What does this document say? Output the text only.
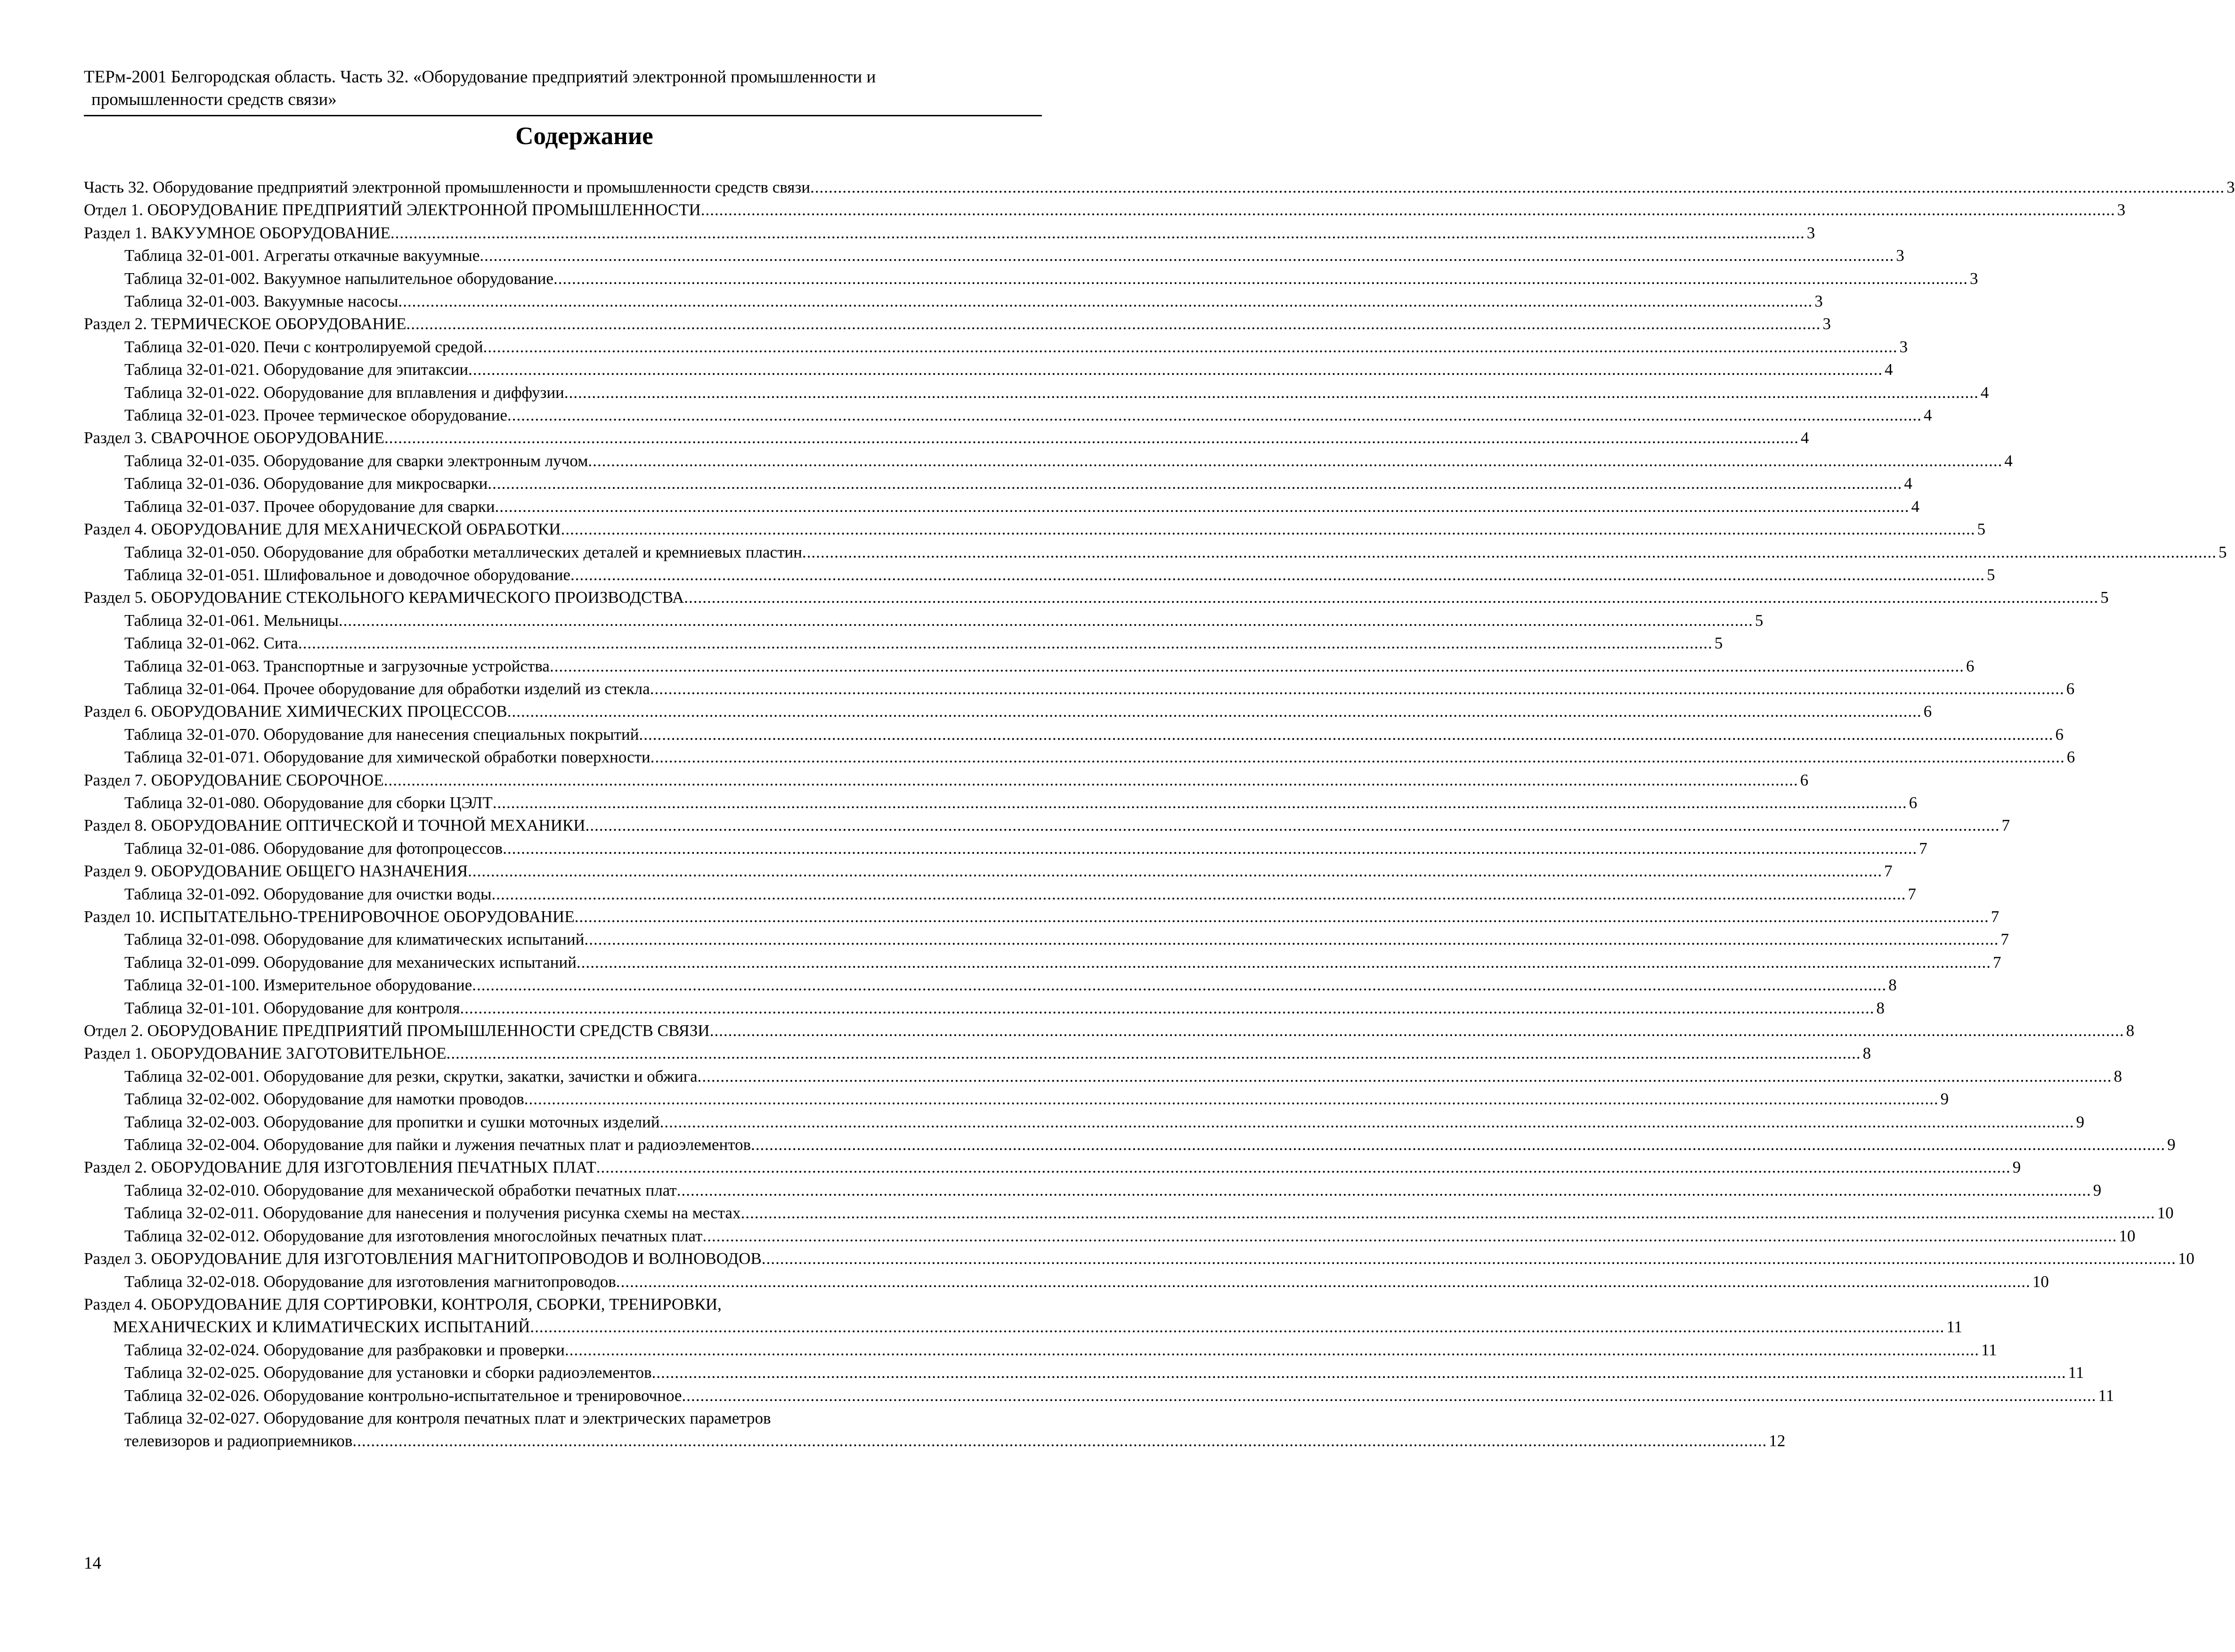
ТЕРм-2001 Белгородская область. Часть 32. «Оборудование предприятий электронной промышленности и
промышленности средств связи»
Содержание
Часть 32. Оборудование предприятий электронной промышленности и промышленности средств связи .................................................................................................................................................................................................................................................................................................................... 3
Отдел 1. ОБОРУДОВАНИЕ ПРЕДПРИЯТИЙ ЭЛЕКТРОННОЙ ПРОМЫШЛЕННОСТИ .................................................................................................................................................................................................................................................................................................................... 3
Раздел 1. ВАКУУМНОЕ ОБОРУДОВАНИЕ .................................................................................................................................................................................................................................................................................................................... 3
Таблица 32-01-001. Агрегаты откачные вакуумные .................................................................................................................................................................................................................................................................................................................... 3
Таблица 32-01-002. Вакуумное напылительное оборудование .................................................................................................................................................................................................................................................................................................................... 3
Таблица 32-01-003. Вакуумные насосы .................................................................................................................................................................................................................................................................................................................... 3
Раздел 2. ТЕРМИЧЕСКОЕ ОБОРУДОВАНИЕ .................................................................................................................................................................................................................................................................................................................... 3
Таблица 32-01-020. Печи с контролируемой средой .................................................................................................................................................................................................................................................................................................................... 3
Таблица 32-01-021. Оборудование для эпитаксии .................................................................................................................................................................................................................................................................................................................... 4
Таблица 32-01-022. Оборудование для вплавления и диффузии .................................................................................................................................................................................................................................................................................................................... 4
Таблица 32-01-023. Прочее термическое оборудование .................................................................................................................................................................................................................................................................................................................... 4
Раздел 3. СВАРОЧНОЕ ОБОРУДОВАНИЕ .................................................................................................................................................................................................................................................................................................................... 4
Таблица 32-01-035. Оборудование для сварки электронным лучом .................................................................................................................................................................................................................................................................................................................... 4
Таблица 32-01-036. Оборудование для микросварки .................................................................................................................................................................................................................................................................................................................... 4
Таблица 32-01-037. Прочее оборудование для сварки .................................................................................................................................................................................................................................................................................................................... 4
Раздел 4. ОБОРУДОВАНИЕ ДЛЯ МЕХАНИЧЕСКОЙ ОБРАБОТКИ .................................................................................................................................................................................................................................................................................................................... 5
Таблица 32-01-050. Оборудование для обработки металлических деталей и кремниевых пластин .................................................................................................................................................................................................................................................................................................................... 5
Таблица 32-01-051. Шлифовальное и доводочное оборудование .................................................................................................................................................................................................................................................................................................................... 5
Раздел 5. ОБОРУДОВАНИЕ СТЕКОЛЬНОГО КЕРАМИЧЕСКОГО ПРОИЗВОДСТВА .................................................................................................................................................................................................................................................................................................................... 5
Таблица 32-01-061. Мельницы .................................................................................................................................................................................................................................................................................................................... 5
Таблица 32-01-062. Сита .................................................................................................................................................................................................................................................................................................................... 5
Таблица 32-01-063. Транспортные и загрузочные устройства .................................................................................................................................................................................................................................................................................................................... 6
Таблица 32-01-064. Прочее оборудование для обработки изделий из стекла .................................................................................................................................................................................................................................................................................................................... 6
Раздел 6. ОБОРУДОВАНИЕ ХИМИЧЕСКИХ ПРОЦЕССОВ .................................................................................................................................................................................................................................................................................................................... 6
Таблица 32-01-070. Оборудование для нанесения специальных покрытий .................................................................................................................................................................................................................................................................................................................... 6
Таблица 32-01-071. Оборудование для химической обработки поверхности .................................................................................................................................................................................................................................................................................................................... 6
Раздел 7. ОБОРУДОВАНИЕ СБОРОЧНОЕ .................................................................................................................................................................................................................................................................................................................... 6
Таблица 32-01-080. Оборудование для сборки ЦЭЛТ .................................................................................................................................................................................................................................................................................................................... 6
Раздел 8. ОБОРУДОВАНИЕ ОПТИЧЕСКОЙ И ТОЧНОЙ МЕХАНИКИ .................................................................................................................................................................................................................................................................................................................... 7
Таблица 32-01-086. Оборудование для фотопроцессов .................................................................................................................................................................................................................................................................................................................... 7
Раздел 9. ОБОРУДОВАНИЕ ОБЩЕГО НАЗНАЧЕНИЯ .................................................................................................................................................................................................................................................................................................................... 7
Таблица 32-01-092. Оборудование для очистки воды .................................................................................................................................................................................................................................................................................................................... 7
Раздел 10. ИСПЫТАТЕЛЬНО-ТРЕНИРОВОЧНОЕ ОБОРУДОВАНИЕ .................................................................................................................................................................................................................................................................................................................... 7
Таблица 32-01-098. Оборудование для климатических испытаний .................................................................................................................................................................................................................................................................................................................... 7
Таблица 32-01-099. Оборудование для механических испытаний .................................................................................................................................................................................................................................................................................................................... 7
Таблица 32-01-100. Измерительное оборудование .................................................................................................................................................................................................................................................................................................................... 8
Таблица 32-01-101. Оборудование для контроля .................................................................................................................................................................................................................................................................................................................... 8
Отдел 2. ОБОРУДОВАНИЕ ПРЕДПРИЯТИЙ ПРОМЫШЛЕННОСТИ СРЕДСТВ СВЯЗИ .................................................................................................................................................................................................................................................................................................................... 8
Раздел 1. ОБОРУДОВАНИЕ ЗАГОТОВИТЕЛЬНОЕ .................................................................................................................................................................................................................................................................................................................... 8
Таблица 32-02-001. Оборудование для резки, скрутки, закатки, зачистки и обжига .................................................................................................................................................................................................................................................................................................................... 8
Таблица 32-02-002. Оборудование для намотки проводов .................................................................................................................................................................................................................................................................................................................... 9
Таблица 32-02-003. Оборудование для пропитки и сушки моточных изделий .................................................................................................................................................................................................................................................................................................................... 9
Таблица 32-02-004. Оборудование для пайки и лужения печатных плат и радиоэлементов .................................................................................................................................................................................................................................................................................................................... 9
Раздел 2. ОБОРУДОВАНИЕ ДЛЯ ИЗГОТОВЛЕНИЯ ПЕЧАТНЫХ ПЛАТ .................................................................................................................................................................................................................................................................................................................... 9
Таблица 32-02-010. Оборудование для механической обработки печатных плат .................................................................................................................................................................................................................................................................................................................... 9
Таблица 32-02-011. Оборудование для нанесения и получения рисунка схемы на местах .................................................................................................................................................................................................................................................................................................................... 10
Таблица 32-02-012. Оборудование для изготовления многослойных печатных плат .................................................................................................................................................................................................................................................................................................................... 10
Раздел 3. ОБОРУДОВАНИЕ ДЛЯ ИЗГОТОВЛЕНИЯ МАГНИТОПРОВОДОВ И ВОЛНОВОДОВ .................................................................................................................................................................................................................................................................................................................... 10
Таблица 32-02-018. Оборудование для изготовления магнитопроводов .................................................................................................................................................................................................................................................................................................................... 10
Раздел 4. ОБОРУДОВАНИЕ ДЛЯ СОРТИРОВКИ, КОНТРОЛЯ, СБОРКИ, ТРЕНИРОВКИ,
МЕХАНИЧЕСКИХ И КЛИМАТИЧЕСКИХ ИСПЫТАНИЙ .................................................................................................................................................................................................................................................................................................................... 11
Таблица 32-02-024. Оборудование для разбраковки и проверки .................................................................................................................................................................................................................................................................................................................... 11
Таблица 32-02-025. Оборудование для установки и сборки радиоэлементов .................................................................................................................................................................................................................................................................................................................... 11
Таблица 32-02-026. Оборудование контрольно-испытательное и тренировочное .................................................................................................................................................................................................................................................................................................................... 11
Таблица 32-02-027. Оборудование для контроля печатных плат и электрических параметров
телевизоров и радиоприемников .................................................................................................................................................................................................................................................................................................................... 12
14
